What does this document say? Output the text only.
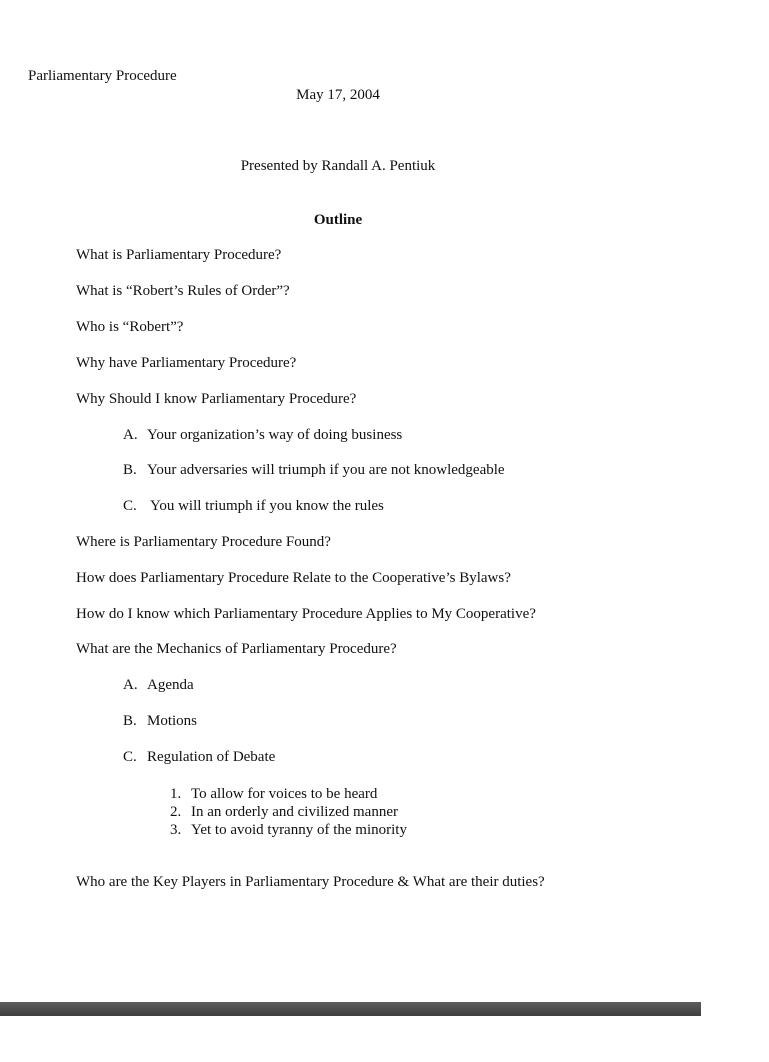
Parliamentary Procedure
May 17, 2004
Presented by Randall A. Pentiuk
Outline
What is Parliamentary Procedure?
What is “Robert’s Rules of Order”?
Who is “Robert”?
Why have Parliamentary Procedure?
Why Should I know Parliamentary Procedure?
A. Your organization’s way of doing business
B. Your adversaries will triumph if you are not knowledgeable
C. You will triumph if you know the rules
Where is Parliamentary Procedure Found?
How does Parliamentary Procedure Relate to the Cooperative’s Bylaws?
How do I know which Parliamentary Procedure Applies to My Cooperative?
What are the Mechanics of Parliamentary Procedure?
A. Agenda
B. Motions
C. Regulation of Debate
1. To allow for voices to be heard
2. In an orderly and civilized manner
3. Yet to avoid tyranny of the minority
Who are the Key Players in Parliamentary Procedure & What are their duties?
